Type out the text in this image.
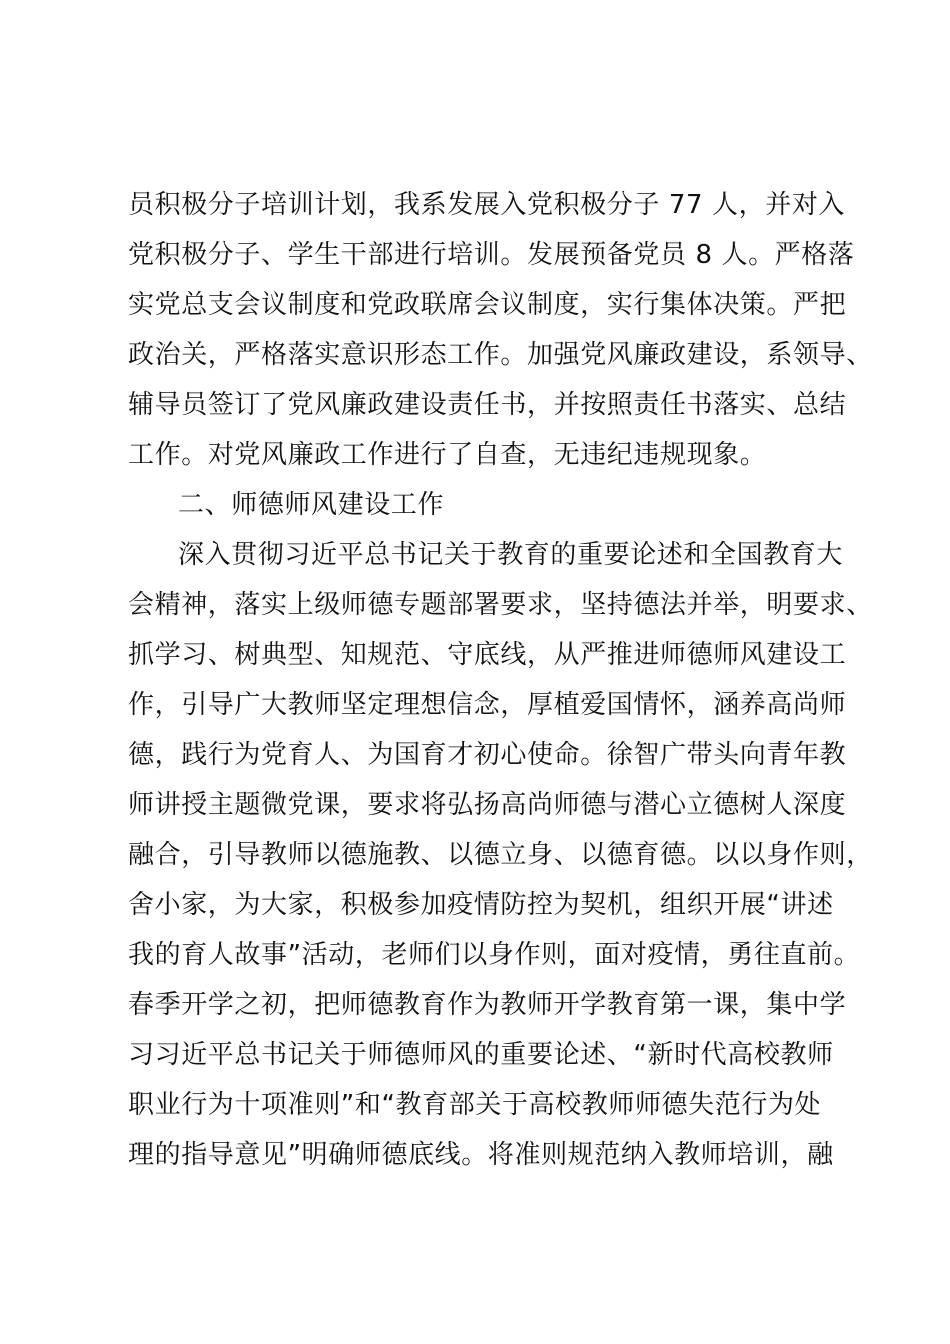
员积极分子培训计划，我系发展入党积极分子 77 人，并对入
党积极分子、学生干部进行培训。发展预备党员 8 人。严格落
实党总支会议制度和党政联席会议制度，实行集体决策。严把
政治关，严格落实意识形态工作。加强党风廉政建设，系领导、
辅导员签订了党风廉政建设责任书，并按照责任书落实、总结
工作。对党风廉政工作进行了自查，无违纪违规现象。
二、师德师风建设工作
深入贯彻习近平总书记关于教育的重要论述和全国教育大
会精神，落实上级师德专题部署要求，坚持德法并举，明要求、
抓学习、树典型、知规范、守底线，从严推进师德师风建设工
作，引导广大教师坚定理想信念，厚植爱国情怀，涵养高尚师
德，践行为党育人、为国育才初心使命。徐智广带头向青年教
师讲授主题微党课，要求将弘扬高尚师德与潜心立德树人深度
融合，引导教师以德施教、以德立身、以德育德。以以身作则，
舍小家，为大家，积极参加疫情防控为契机，组织开展“讲述
我的育人故事”活动，老师们以身作则，面对疫情，勇往直前。
春季开学之初，把师德教育作为教师开学教育第一课，集中学
习习近平总书记关于师德师风的重要论述、“新时代高校教师
职业行为十项准则”和“教育部关于高校教师师德失范行为处
理的指导意见”明确师德底线。将准则规范纳入教师培训，融
